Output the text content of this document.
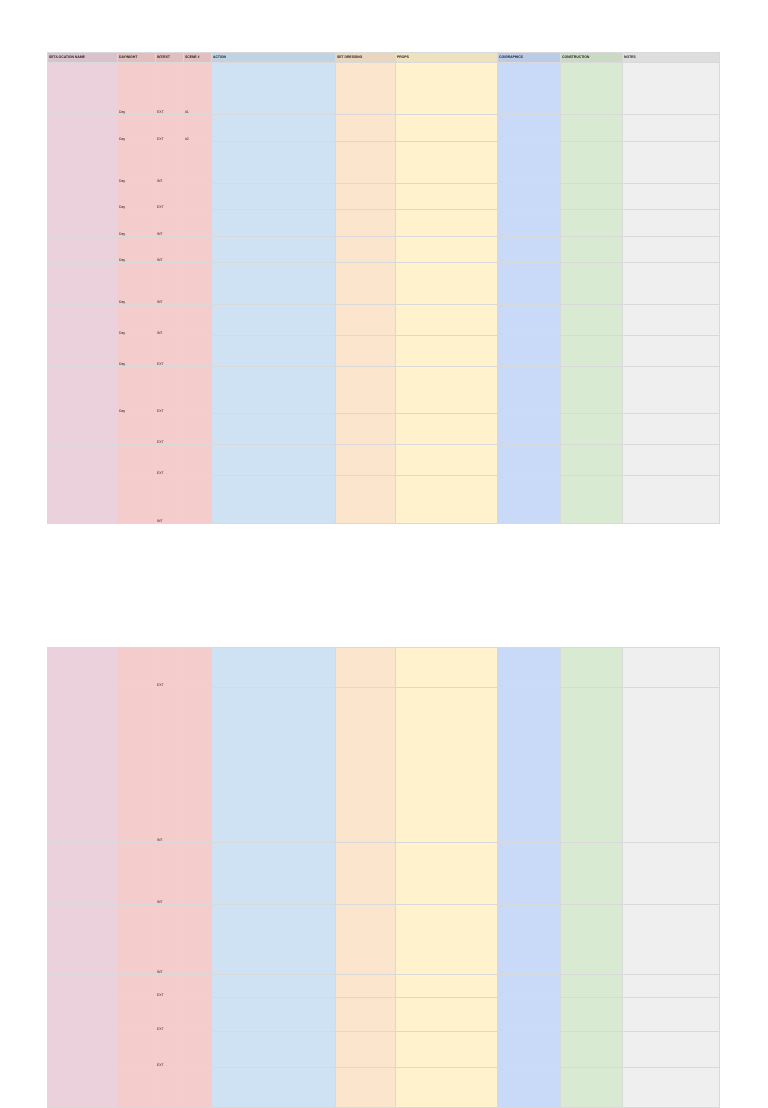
SET/LOCATION NAME	DAY/NIGHT	INT/EXT	SCENE #	ACTION	SET DRESSING	PROPS	CG/GRAPHICS	CONSTRUCTION	NOTES
	Day	EXT	#1						
	Day	EXT	#2						
	Day	INT							
	Day	EXT							
	Day	INT							
	Day	INT							
	Day	INT							
	Day	INT							
	Day	EXT							
	Day	EXT							
		EXT							
		EXT							
		INT							
		EXT							
		INT							
		INT							
		INT							
		EXT							
		EXT							
		EXT							
